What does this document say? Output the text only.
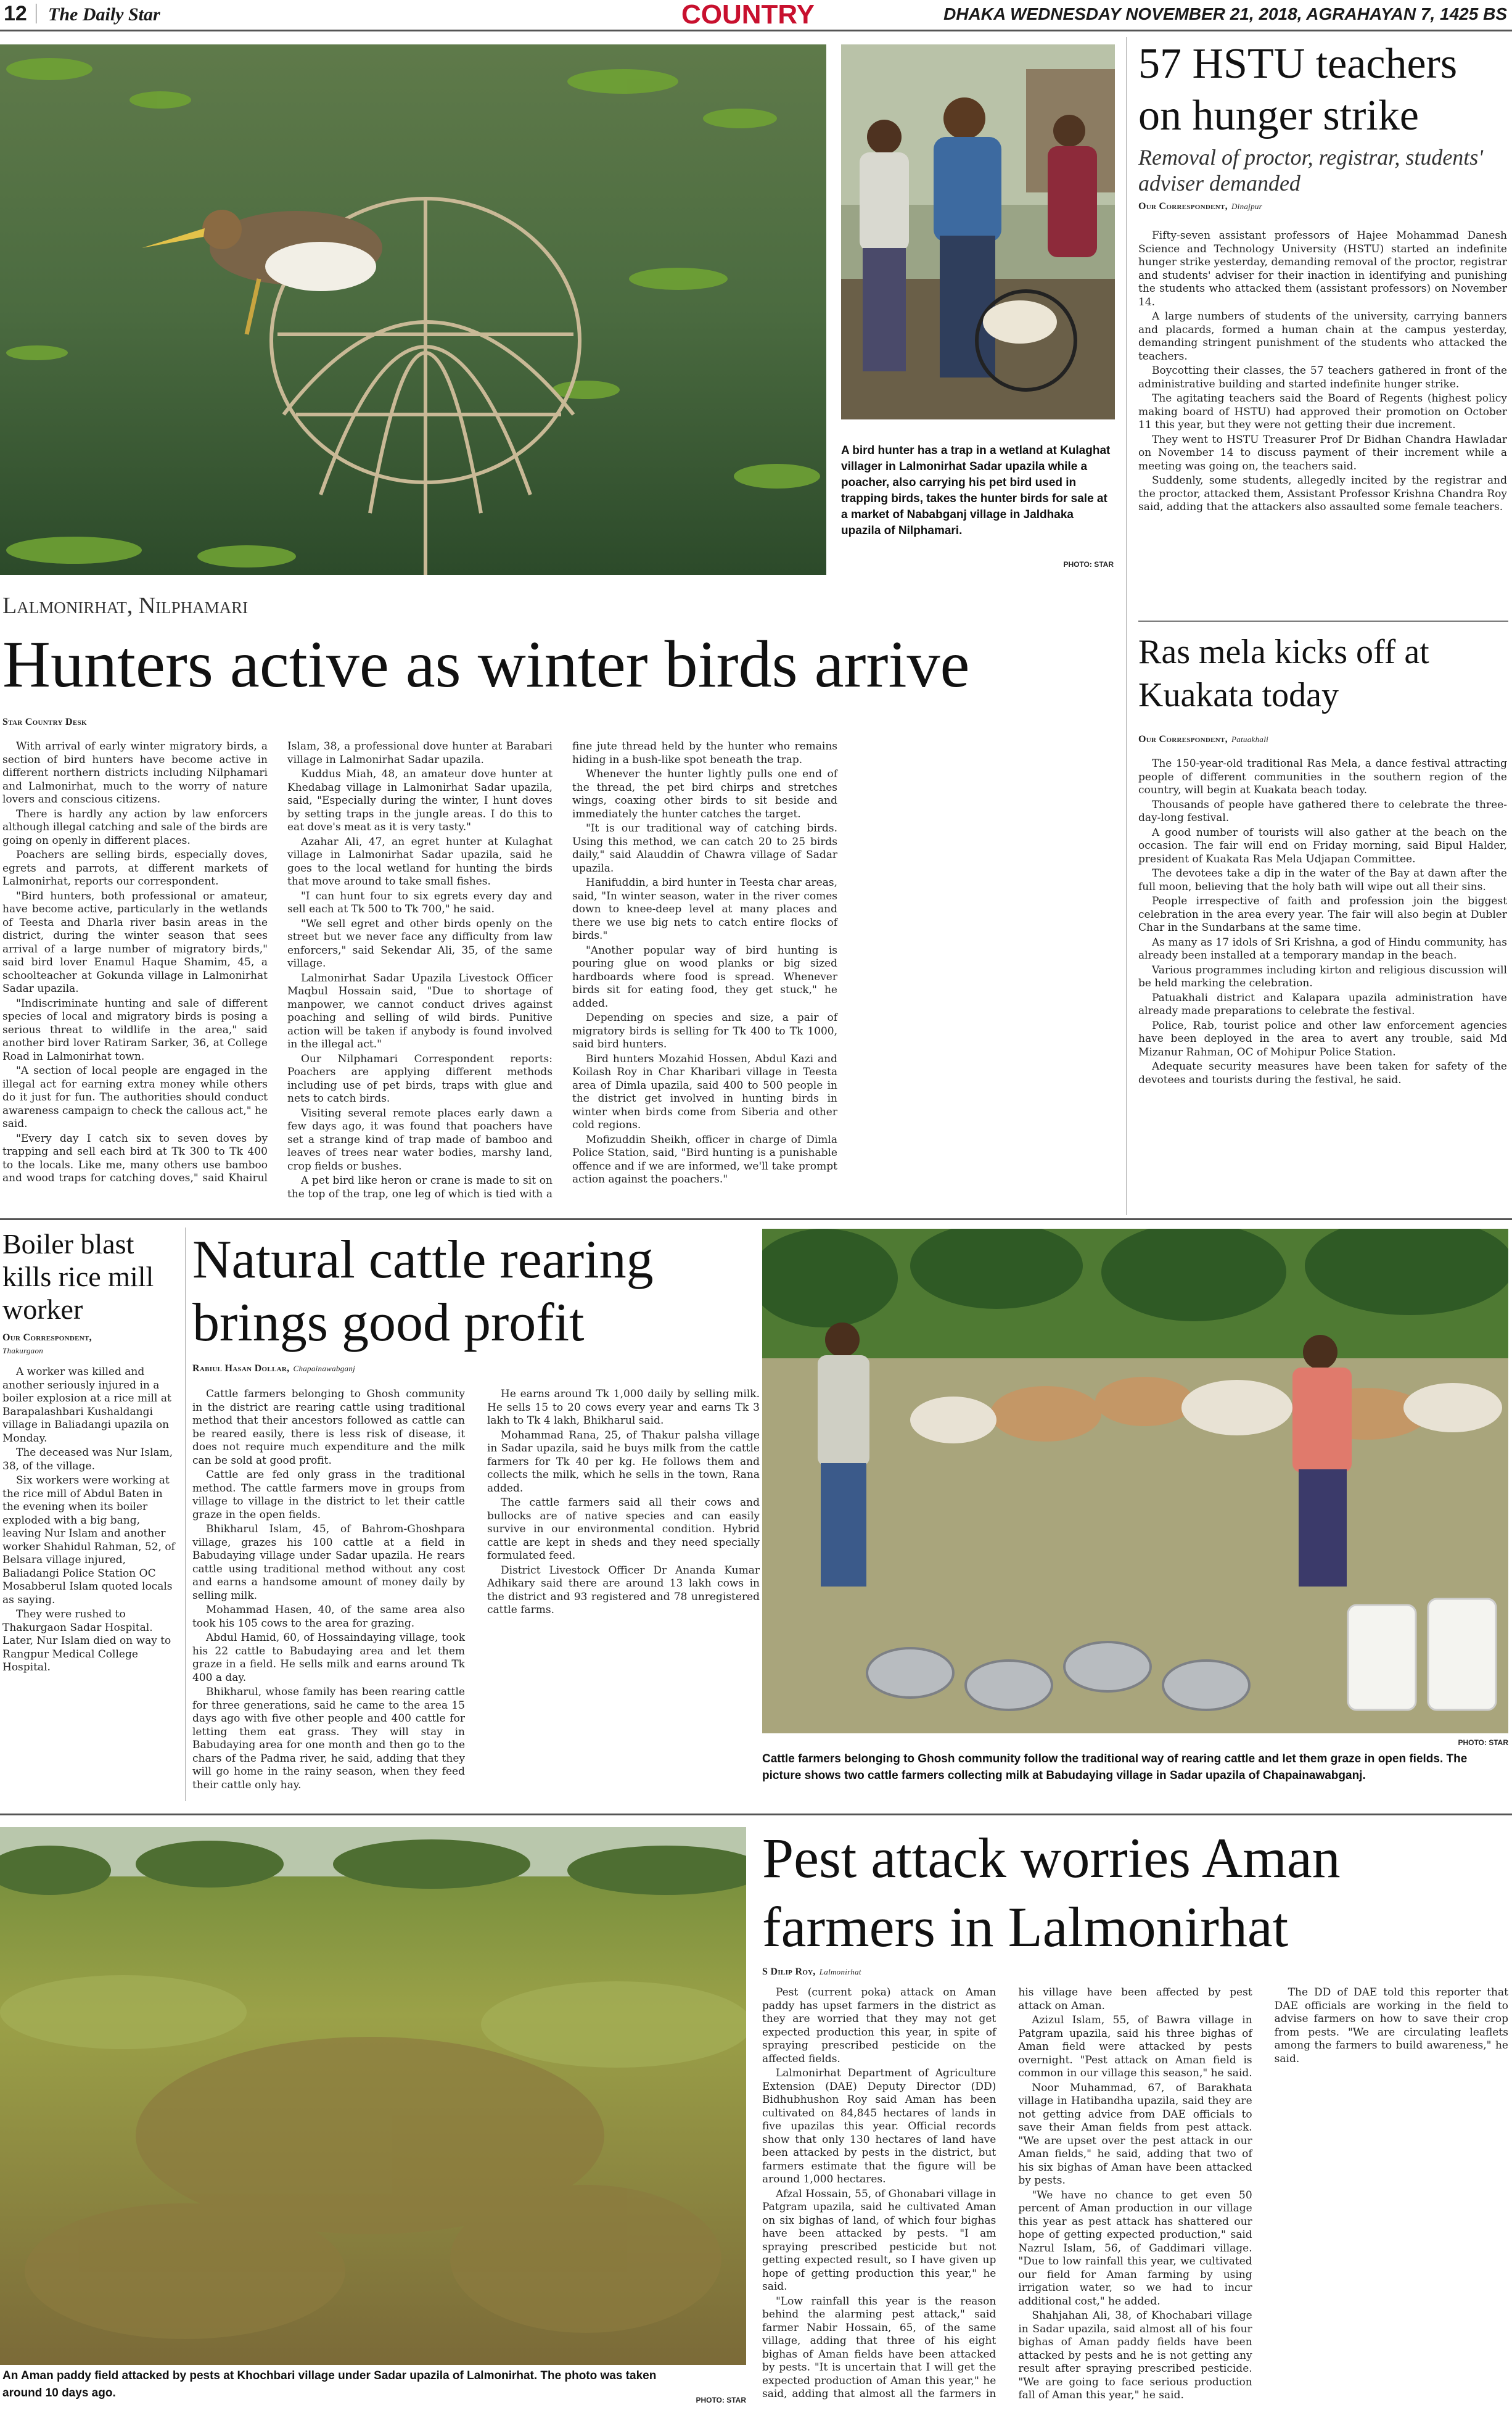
12 The Daily Star	COUNTRY	DHAKA WEDNESDAY NOVEMBER 21, 2018, AGRAHAYAN 7, 1425 BS
A bird hunter has a trap in a wetland at Kulaghat villager in Lalmonirhat Sadar upazila while a poacher, also carrying his pet bird used in trapping birds, takes the hunter birds for sale at a market of Nababganj village in Jaldhaka upazila of Nilphamari.
PHOTO: STAR
57 HSTU teachers on hunger strike
Removal of proctor, registrar, students' adviser demanded
Our Correspondent, Dinajpur

Fifty-seven assistant professors of Hajee Mohammad Danesh Science and Technology University (HSTU) started an indefinite hunger strike yesterday, demanding removal of the proctor, registrar and students' adviser for their inaction in identifying and punishing the students who attacked them (assistant professors) on November 14.

A large numbers of students of the university, carrying banners and placards, formed a human chain at the campus yesterday, demanding stringent punishment of the students who attacked the teachers.

Boycotting their classes, the 57 teachers gathered in front of the administrative building and started indefinite hunger strike.

The agitating teachers said the Board of Regents (highest policy making board of HSTU) had approved their promotion on October 11 this year, but they were not getting their due increment.

They went to HSTU Treasurer Prof Dr Bidhan Chandra Hawladar on November 14 to discuss payment of their increment while a meeting was going on, the teachers said.

Suddenly, some students, allegedly incited by the registrar and the proctor, attacked them, Assistant Professor Krishna Chandra Roy said, adding that the attackers also assaulted some female teachers.

Lalmonirhat, Nilphamari
Hunters active as winter birds arrive
Star Country Desk

With arrival of early winter migratory birds, a section of bird hunters have become active in different northern districts including Nilphamari and Lalmonirhat, much to the worry of nature lovers and conscious citizens.

There is hardly any action by law enforcers although illegal catching and sale of the birds are going on openly in different places.

Poachers are selling birds, especially doves, egrets and parrots, at different markets of Lalmonirhat, reports our correspondent.

"Bird hunters, both professional or amateur, have become active, particularly in the wetlands of Teesta and Dharla river basin areas in the district, during the winter season that sees arrival of a large number of migratory birds," said bird lover Enamul Haque Shamim, 45, a schoolteacher at Gokunda village in Lalmonirhat Sadar upazila.

"Indiscriminate hunting and sale of different species of local and migratory birds is posing a serious threat to wildlife in the area," said another bird lover Ratiram Sarker, 36, at College Road in Lalmonirhat town.

"A section of local people are engaged in the illegal act for earning extra money while others do it just for fun. The authorities should conduct awareness campaign to check the callous act," he said.

"Every day I catch six to seven doves by trapping and sell each bird at Tk 300 to Tk 400 to the locals. Like me, many others use bamboo and wood traps for catching doves," said Khairul Islam, 38, a professional dove hunter at Barabari village in Lalmonirhat Sadar upazila.

Kuddus Miah, 48, an amateur dove hunter at Khedabag village in Lalmonirhat Sadar upazila, said, "Especially during the winter, I hunt doves by setting traps in the jungle areas. I do this to eat dove's meat as it is very tasty."

Azahar Ali, 47, an egret hunter at Kulaghat village in Lalmonirhat Sadar upazila, said he goes to the local wetland for hunting the birds that move around to take small fishes.

"I can hunt four to six egrets every day and sell each at Tk 500 to Tk 700," he said.

"We sell egret and other birds openly on the street but we never face any difficulty from law enforcers," said Sekendar Ali, 35, of the same village.

Lalmonirhat Sadar Upazila Livestock Officer Maqbul Hossain said, "Due to shortage of manpower, we cannot conduct drives against poaching and selling of wild birds. Punitive action will be taken if anybody is found involved in the illegal act."

Our Nilphamari Correspondent reports: Poachers are applying different methods including use of pet birds, traps with glue and nets to catch birds.

Visiting several remote places early dawn a few days ago, it was found that poachers have set a strange kind of trap made of bamboo and leaves of trees near water bodies, marshy land, crop fields or bushes.

A pet bird like heron or crane is made to sit on the top of the trap, one leg of which is tied with a fine jute thread held by the hunter who remains hiding in a bush-like spot beneath the trap.

Whenever the hunter lightly pulls one end of the thread, the pet bird chirps and stretches wings, coaxing other birds to sit beside and immediately the hunter catches the target.

"It is our traditional way of catching birds. Using this method, we can catch 20 to 25 birds daily," said Alauddin of Chawra village of Sadar upazila.

Hanifuddin, a bird hunter in Teesta char areas, said, "In winter season, water in the river comes down to knee-deep level at many places and there we use big nets to catch entire flocks of birds."

"Another popular way of bird hunting is pouring glue on wood planks or big sized hardboards where food is spread. Whenever birds sit for eating food, they get stuck," he added.

Depending on species and size, a pair of migratory birds is selling for Tk 400 to Tk 1000, said bird hunters.

Bird hunters Mozahid Hossen, Abdul Kazi and Koilash Roy in Char Kharibari village in Teesta area of Dimla upazila, said 400 to 500 people in the district get involved in hunting birds in winter when birds come from Siberia and other cold regions.

Mofizuddin Sheikh, officer in charge of Dimla Police Station, said, "Bird hunting is a punishable offence and if we are informed, we'll take prompt action against the poachers."

Ras mela kicks off at Kuakata today
Our Correspondent, Patuakhali

The 150-year-old traditional Ras Mela, a dance festival attracting people of different communities in the southern region of the country, will begin at Kuakata beach today.

Thousands of people have gathered there to celebrate the three-day-long festival.

A good number of tourists will also gather at the beach on the occasion. The fair will end on Friday morning, said Bipul Halder, president of Kuakata Ras Mela Udjapan Committee.

The devotees take a dip in the water of the Bay at dawn after the full moon, believing that the holy bath will wipe out all their sins.

People irrespective of faith and profession join the biggest celebration in the area every year. The fair will also begin at Dubler Char in the Sundarbans at the same time.

As many as 17 idols of Sri Krishna, a god of Hindu community, has already been installed at a temporary mandap in the beach.

Various programmes including kirton and religious discussion will be held marking the celebration.

Patuakhali district and Kalapara upazila administration have already made preparations to celebrate the festival.

Police, Rab, tourist police and other law enforcement agencies have been deployed in the area to avert any trouble, said Md Mizanur Rahman, OC of Mohipur Police Station.

Adequate security measures have been taken for safety of the devotees and tourists during the festival, he said.

Boiler blast kills rice mill worker
Our Correspondent,
Thakurgaon

A worker was killed and another seriously injured in a boiler explosion at a rice mill at Barapalashbari Kushaldangi village in Baliadangi upazila on Monday.

The deceased was Nur Islam, 38, of the village.

Six workers were working at the rice mill of Abdul Baten in the evening when its boiler exploded with a big bang, leaving Nur Islam and another worker Shahidul Rahman, 52, of Belsara village injured, Baliadangi Police Station OC Mosabberul Islam quoted locals as saying.

They were rushed to Thakurgaon Sadar Hospital. Later, Nur Islam died on way to Rangpur Medical College Hospital.

Natural cattle rearing brings good profit
Rabiul Hasan Dollar, Chapainawabganj

Cattle farmers belonging to Ghosh community in the district are rearing cattle using traditional method that their ancestors followed as cattle can be reared easily, there is less risk of disease, it does not require much expenditure and the milk can be sold at good profit.

Cattle are fed only grass in the traditional method. The cattle farmers move in groups from village to village in the district to let their cattle graze in the open fields.

Bhikharul Islam, 45, of Bahrom-Ghoshpara village, grazes his 100 cattle at a field in Babudaying village under Sadar upazila. He rears cattle using traditional method without any cost and earns a handsome amount of money daily by selling milk.

Mohammad Hasen, 40, of the same area also took his 105 cows to the area for grazing.

Abdul Hamid, 60, of Hossaindaying village, took his 22 cattle to Babudaying area and let them graze in a field. He sells milk and earns around Tk 400 a day.

Bhikharul, whose family has been rearing cattle for three generations, said he came to the area 15 days ago with five other people and 400 cattle for letting them eat grass. They will stay in Babudaying area for one month and then go to the chars of the Padma river, he said, adding that they will go home in the rainy season, when they feed their cattle only hay.

He earns around Tk 1,000 daily by selling milk. He sells 15 to 20 cows every year and earns Tk 3 lakh to Tk 4 lakh, Bhikharul said.

Mohammad Rana, 25, of Thakur palsha village in Sadar upazila, said he buys milk from the cattle farmers for Tk 40 per kg. He follows them and collects the milk, which he sells in the town, Rana added.

The cattle farmers said all their cows and bullocks are of native species and can easily survive in our environmental condition. Hybrid cattle are kept in sheds and they need specially formulated feed.

District Livestock Officer Dr Ananda Kumar Adhikary said there are around 13 lakh cows in the district and 93 registered and 78 unregistered cattle farms.

PHOTO: STAR
Cattle farmers belonging to Ghosh community follow the traditional way of rearing cattle and let them graze in open fields. The picture shows two cattle farmers collecting milk at Babudaying village in Sadar upazila of Chapainawabganj.
An Aman paddy field attacked by pests at Khochbari village under Sadar upazila of Lalmonirhat. The photo was taken around 10 days ago.
PHOTO: STAR
Pest attack worries Aman farmers in Lalmonirhat
S Dilip Roy, Lalmonirhat

Pest (current poka) attack on Aman paddy has upset farmers in the district as they are worried that they may not get expected production this year, in spite of spraying prescribed pesticide on the affected fields.

Lalmonirhat Department of Agriculture Extension (DAE) Deputy Director (DD) Bidhubhushon Roy said Aman has been cultivated on 84,845 hectares of lands in five upazilas this year. Official records show that only 130 hectares of land have been attacked by pests in the district, but farmers estimate that the figure will be around 1,000 hectares.

Afzal Hossain, 55, of Ghonabari village in Patgram upazila, said he cultivated Aman on six bighas of land, of which four bighas have been attacked by pests. "I am spraying prescribed pesticide but not getting expected result, so I have given up hope of getting production this year," he said.

"Low rainfall this year is the reason behind the alarming pest attack," said farmer Nabir Hossain, 65, of the same village, adding that three of his eight bighas of Aman fields have been attacked by pests. "It is uncertain that I will get the expected production of Aman this year," he said, adding that almost all the farmers in his village have been affected by pest attack on Aman.

Azizul Islam, 55, of Bawra village in Patgram upazila, said his three bighas of Aman field were attacked by pests overnight. "Pest attack on Aman field is common in our village this season," he said.

Noor Muhammad, 67, of Barakhata village in Hatibandha upazila, said they are not getting advice from DAE officials to save their Aman fields from pest attack. "We are upset over the pest attack in our Aman fields," he said, adding that two of his six bighas of Aman have been attacked by pests.

"We have no chance to get even 50 percent of Aman production in our village this year as pest attack has shattered our hope of getting expected production," said Nazrul Islam, 56, of Gaddimari village. "Due to low rainfall this year, we cultivated our field for Aman farming by using irrigation water, so we had to incur additional cost," he added.

Shahjahan Ali, 38, of Khochabari village in Sadar upazila, said almost all of his four bighas of Aman paddy fields have been attacked by pests and he is not getting any result after spraying prescribed pesticide. "We are going to face serious production fall of Aman this year," he said.

The DD of DAE told this reporter that DAE officials are working in the field to advise farmers on how to save their crop from pests. "We are circulating leaflets among the farmers to build awareness," he said.
